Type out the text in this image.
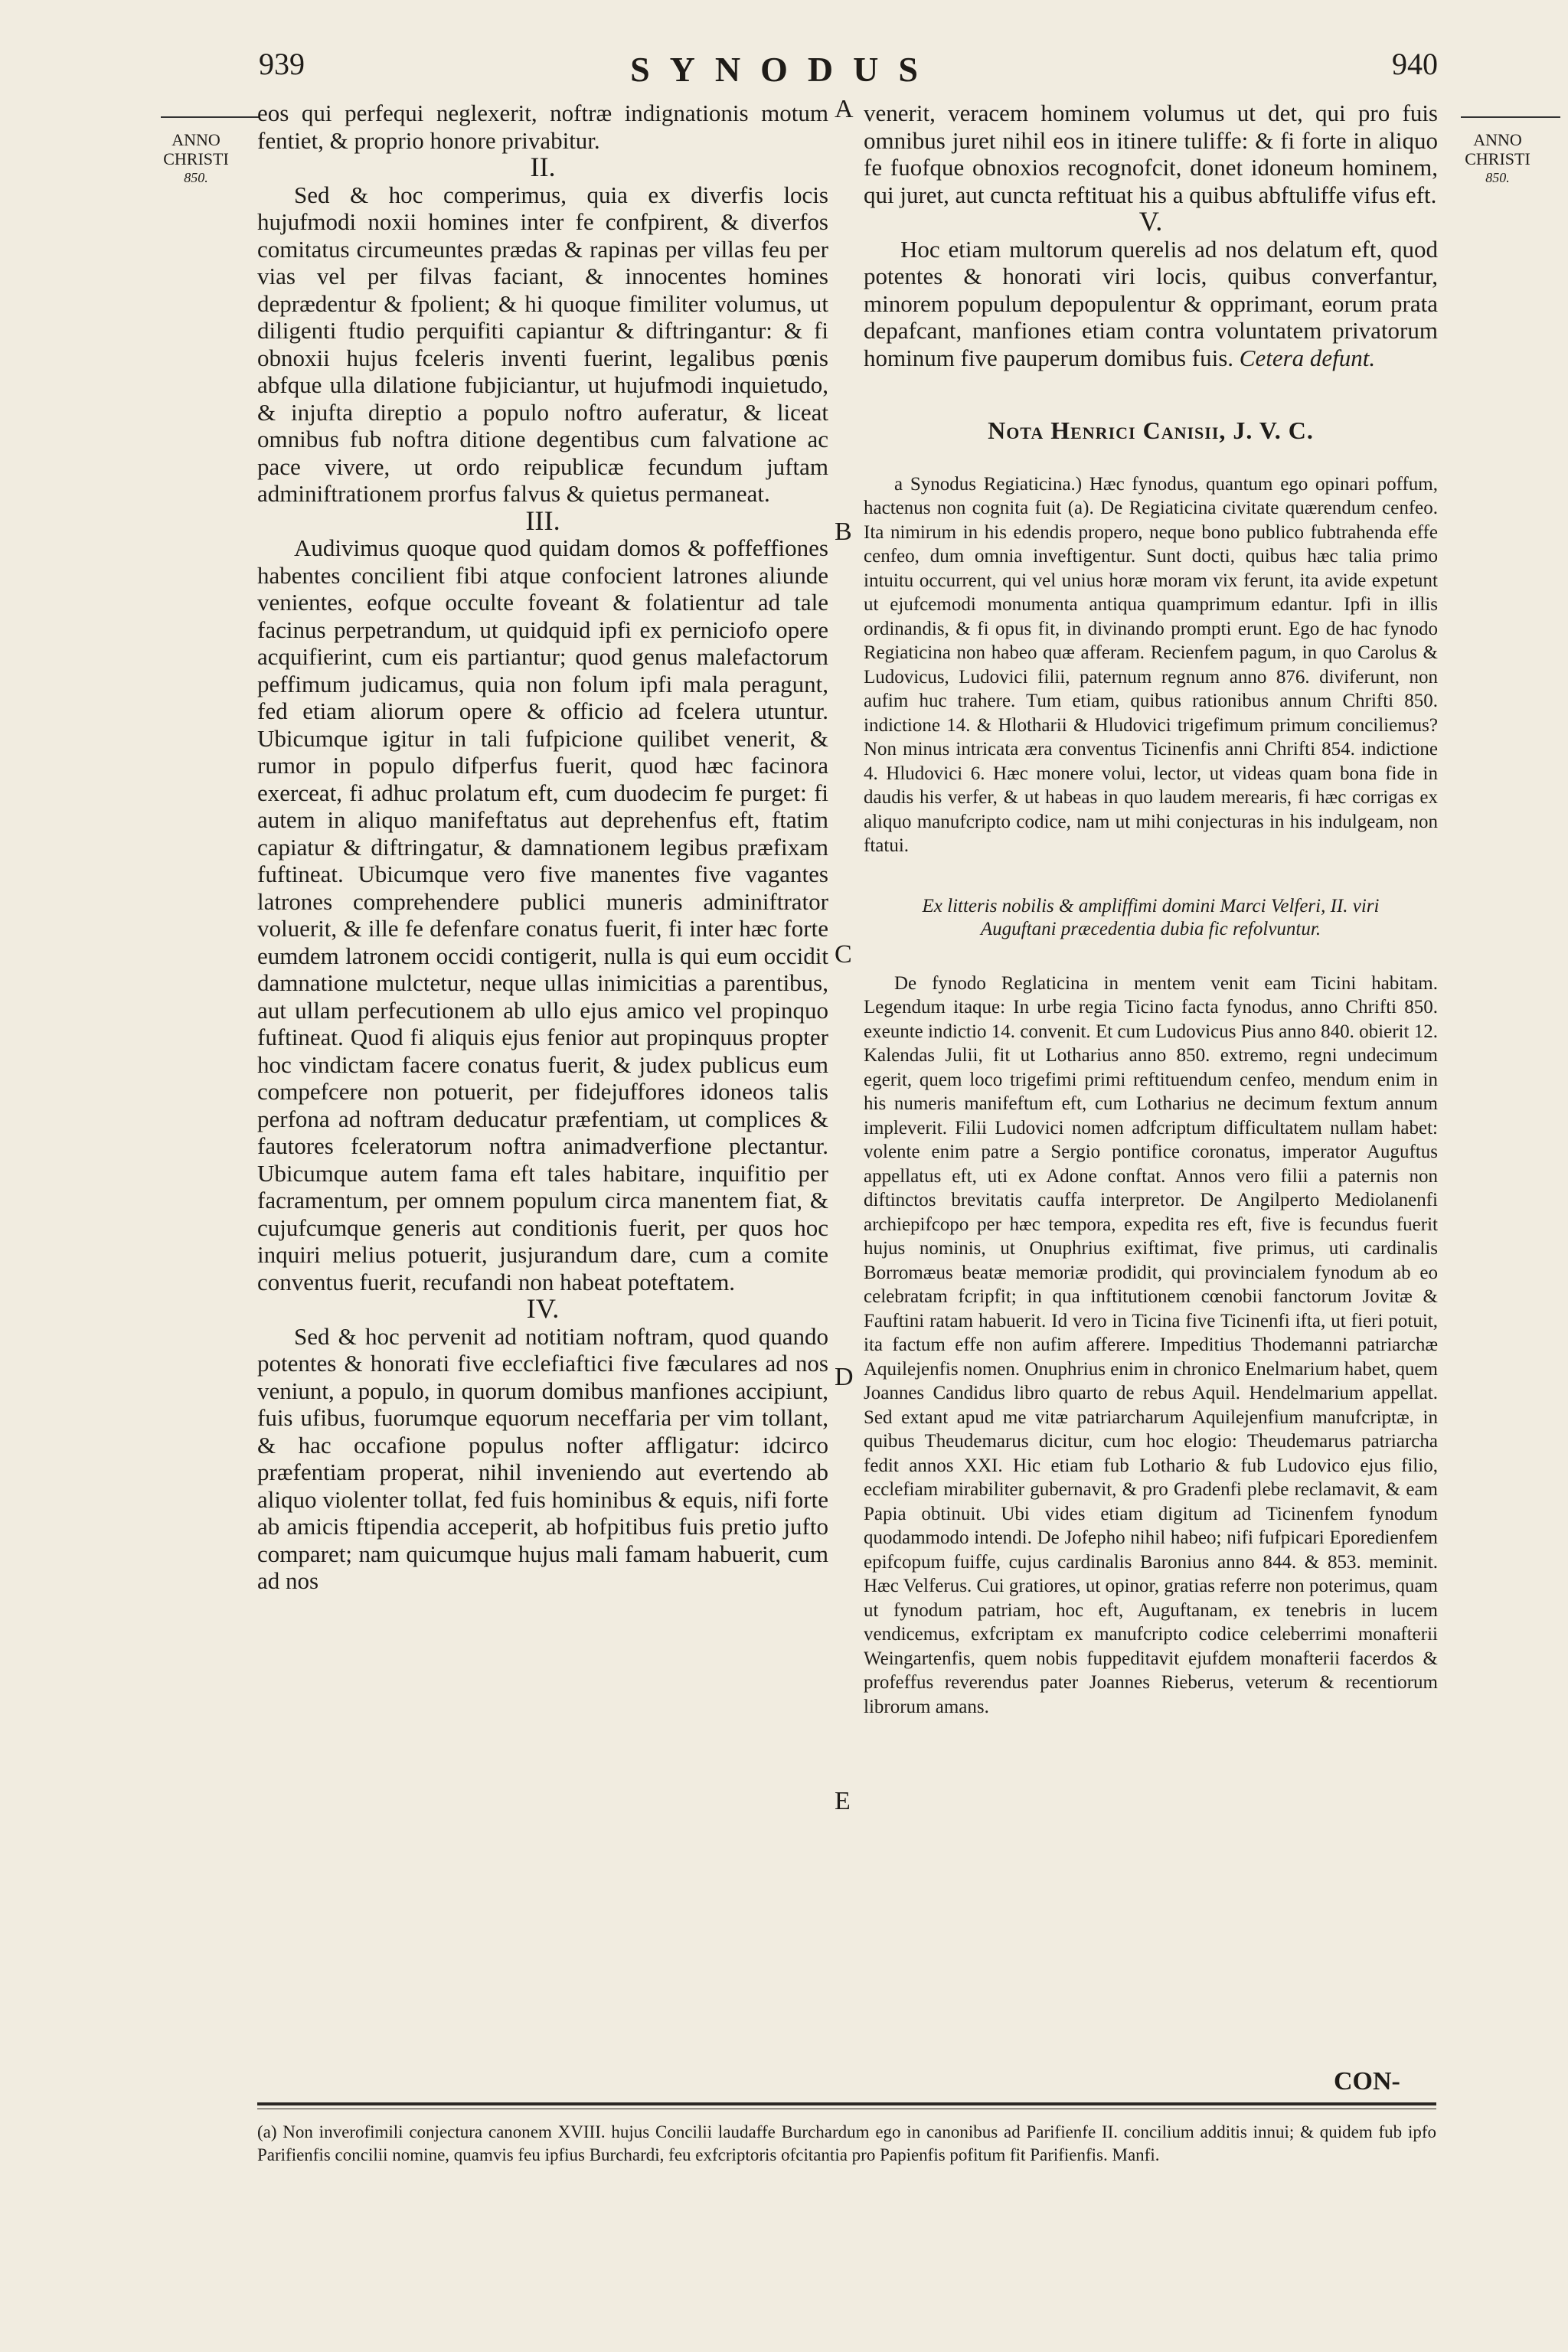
939	SYNODUS	940
ANNO
CHRISTI
850.
ANNO
CHRISTI
850.
A
B
C
D
E

eos qui perfequi neglexerit, noftræ indignationis motum fentiet, & proprio honore privabitur.

II.

Sed & hoc comperimus, quia ex diverfis locis hujufmodi noxii homines inter fe confpirent, & diverfos comitatus circumeuntes prædas & rapinas per villas feu per vias vel per filvas faciant, & innocentes homines deprædentur & fpolient; & hi quoque fimiliter volumus, ut diligenti ftudio perquifiti capiantur & diftringantur: & fi obnoxii hujus fceleris inventi fuerint, legalibus pœnis abfque ulla dilatione fubjiciantur, ut hujufmodi inquietudo, & injufta direptio a populo noftro auferatur, & liceat omnibus fub noftra ditione degentibus cum falvatione ac pace vivere, ut ordo reipublicæ fecundum juftam adminiftrationem prorfus falvus & quietus permaneat.

III.

Audivimus quoque quod quidam domos & poffeffiones habentes concilient fibi atque confocient latrones aliunde venientes, eofque occulte foveant & folatientur ad tale facinus perpetrandum, ut quidquid ipfi ex perniciofo opere acquifierint, cum eis partiantur; quod genus malefactorum peffimum judicamus, quia non folum ipfi mala peragunt, fed etiam aliorum opere & officio ad fcelera utuntur. Ubicumque igitur in tali fufpicione quilibet venerit, & rumor in populo difperfus fuerit, quod hæc facinora exerceat, fi adhuc prolatum eft, cum duodecim fe purget: fi autem in aliquo manifeftatus aut deprehenfus eft, ftatim capiatur & diftringatur, & damnationem legibus præfixam fuftineat. Ubicumque vero five manentes five vagantes latrones comprehendere publici muneris adminiftrator voluerit, & ille fe defenfare conatus fuerit, fi inter hæc forte eumdem latronem occidi contigerit, nulla is qui eum occidit damnatione mulctetur, neque ullas inimicitias a parentibus, aut ullam perfecutionem ab ullo ejus amico vel propinquo fuftineat. Quod fi aliquis ejus fenior aut propinquus propter hoc vindictam facere conatus fuerit, & judex publicus eum compefcere non potuerit, per fidejuffores idoneos talis perfona ad noftram deducatur præfentiam, ut complices & fautores fceleratorum noftra animadverfione plectantur. Ubicumque autem fama eft tales habitare, inquifitio per facramentum, per omnem populum circa manentem fiat, & cujufcumque generis aut conditionis fuerit, per quos hoc inquiri melius potuerit, jusjurandum dare, cum a comite conventus fuerit, recufandi non habeat poteftatem.

IV.

Sed & hoc pervenit ad notitiam noftram, quod quando potentes & honorati five ecclefiaftici five fæculares ad nos veniunt, a populo, in quorum domibus manfiones accipiunt, fuis ufibus, fuorumque equorum neceffaria per vim tollant, & hac occafione populus nofter affligatur: idcirco præfentiam properat, nihil inveniendo aut evertendo ab aliquo violenter tollat, fed fuis hominibus & equis, nifi forte ab amicis ftipendia acceperit, ab hofpitibus fuis pretio jufto comparet; nam quicumque hujus mali famam habuerit, cum ad nos

venerit, veracem hominem volumus ut det, qui pro fuis omnibus juret nihil eos in itinere tuliffe: & fi forte in aliquo fe fuofque obnoxios recognofcit, donet idoneum hominem, qui juret, aut cuncta reftituat his a quibus abftuliffe vifus eft.

V.

Hoc etiam multorum querelis ad nos delatum eft, quod potentes & honorati viri locis, quibus converfantur, minorem populum depopulentur & opprimant, eorum prata depafcant, manfiones etiam contra voluntatem privatorum hominum five pauperum domibus fuis. Cetera defunt.

Nota Henrici Canisii, J. V. C.

a Synodus Regiaticina.) Hæc fynodus, quantum ego opinari poffum, hactenus non cognita fuit (a). De Regiaticina civitate quærendum cenfeo. Ita nimirum in his edendis propero, neque bono publico fubtrahenda effe cenfeo, dum omnia inveftigentur. Sunt docti, quibus hæc talia primo intuitu occurrent, qui vel unius horæ moram vix ferunt, ita avide expetunt ut ejufcemodi monumenta antiqua quamprimum edantur. Ipfi in illis ordinandis, & fi opus fit, in divinando prompti erunt. Ego de hac fynodo Regiaticina non habeo quæ afferam. Recienfem pagum, in quo Carolus & Ludovicus, Ludovici filii, paternum regnum anno 876. diviferunt, non aufim huc trahere. Tum etiam, quibus rationibus annum Chrifti 850. indictione 14. & Hlotharii & Hludovici trigefimum primum conciliemus? Non minus intricata æra conventus Ticinenfis anni Chrifti 854. indictione 4. Hludovici 6. Hæc monere volui, lector, ut videas quam bona fide in daudis his verfer, & ut habeas in quo laudem merearis, fi hæc corrigas ex aliquo manufcripto codice, nam ut mihi conjecturas in his indulgeam, non ftatui.

Ex litteris nobilis & ampliffimi domini Marci Velferi, II. viri Auguftani præcedentia dubia fic refolvuntur.

De fynodo Reglaticina in mentem venit eam Ticini habitam. Legendum itaque: In urbe regia Ticino facta fynodus, anno Chrifti 850. exeunte indictio 14. convenit. Et cum Ludovicus Pius anno 840. obierit 12. Kalendas Julii, fit ut Lotharius anno 850. extremo, regni undecimum egerit, quem loco trigefimi primi reftituendum cenfeo, mendum enim in his numeris manifeftum eft, cum Lotharius ne decimum fextum annum impleverit. Filii Ludovici nomen adfcriptum difficultatem nullam habet: volente enim patre a Sergio pontifice coronatus, imperator Auguftus appellatus eft, uti ex Adone conftat. Annos vero filii a paternis non diftinctos brevitatis cauffa interpretor. De Angilperto Mediolanenfi archiepifcopo per hæc tempora, expedita res eft, five is fecundus fuerit hujus nominis, ut Onuphrius exiftimat, five primus, uti cardinalis Borromæus beatæ memoriæ prodidit, qui provincialem fynodum ab eo celebratam fcripfit; in qua inftitutionem cœnobii fanctorum Jovitæ & Fauftini ratam habuerit. Id vero in Ticina five Ticinenfi ifta, ut fieri potuit, ita factum effe non aufim afferere. Impeditius Thodemanni patriarchæ Aquilejenfis nomen. Onuphrius enim in chronico Enelmarium habet, quem Joannes Candidus libro quarto de rebus Aquil. Hendelmarium appellat. Sed extant apud me vitæ patriarcharum Aquilejenfium manufcriptæ, in quibus Theudemarus dicitur, cum hoc elogio: Theudemarus patriarcha fedit annos XXI. Hic etiam fub Lothario & fub Ludovico ejus filio, ecclefiam mirabiliter gubernavit, & pro Gradenfi plebe reclamavit, & eam Papia obtinuit. Ubi vides etiam digitum ad Ticinenfem fynodum quodammodo intendi. De Jofepho nihil habeo; nifi fufpicari Eporedienfem epifcopum fuiffe, cujus cardinalis Baronius anno 844. & 853. meminit. Hæc Velferus. Cui gratiores, ut opinor, gratias referre non poterimus, quam ut fynodum patriam, hoc eft, Auguftanam, ex tenebris in lucem vendicemus, exfcriptam ex manufcripto codice celeberrimi monafterii Weingartenfis, quem nobis fuppeditavit ejufdem monafterii facerdos & profeffus reverendus pater Joannes Rieberus, veterum & recentiorum librorum amans.

CON-
(a) Non inverofimili conjectura canonem XVIII. hujus Concilii laudaffe Burchardum ego in canonibus ad Parifienfe II. concilium additis innui; & quidem fub ipfo Parifienfis concilii nomine, quamvis feu ipfius Burchardi, feu exfcriptoris ofcitantia pro Papienfis pofitum fit Parifienfis. Manfi.
